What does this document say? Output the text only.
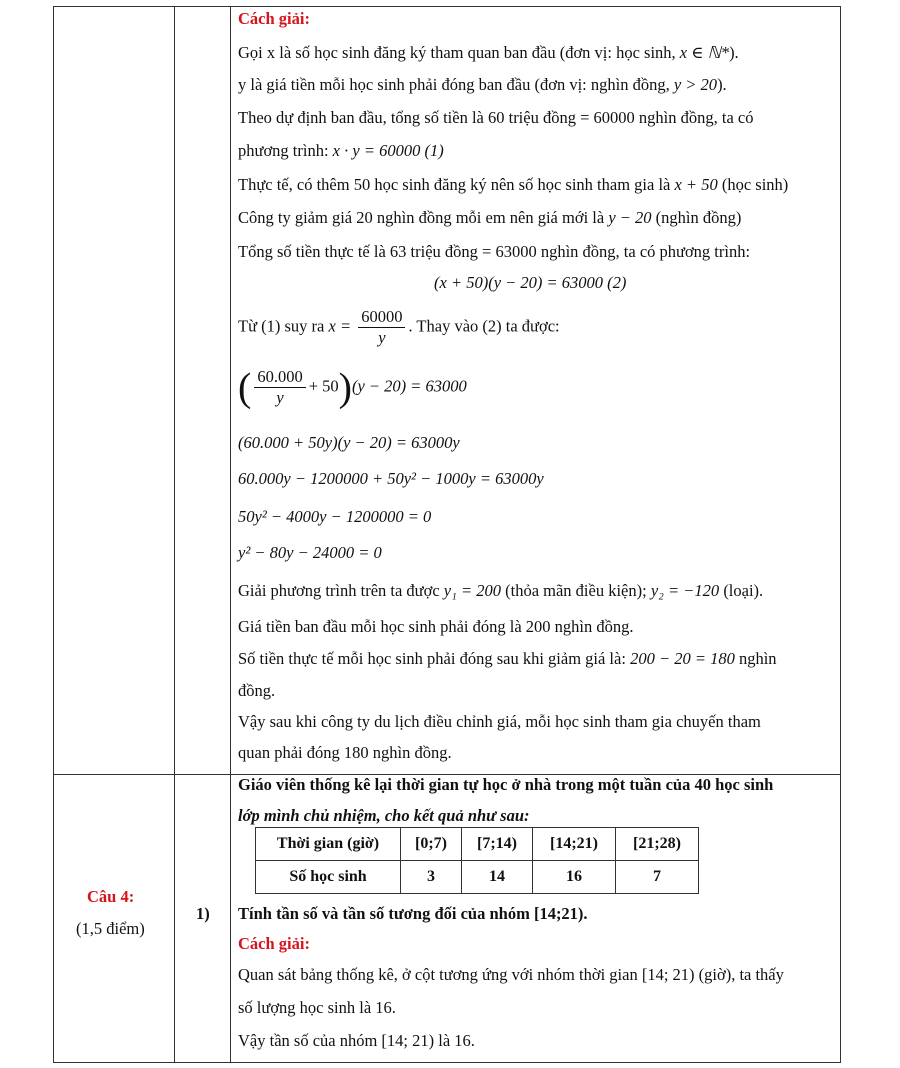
Cách giải:
Gọi x là số học sinh đăng ký tham quan ban đầu (đơn vị: học sinh, x ∈ ℕ*).
y là giá tiền mỗi học sinh phải đóng ban đầu (đơn vị: nghìn đồng, y > 20).
Theo dự định ban đầu, tổng số tiền là 60 triệu đồng = 60000 nghìn đồng, ta có
phương trình: x · y = 60000 (1)
Thực tế, có thêm 50 học sinh đăng ký nên số học sinh tham gia là x + 50 (học sinh)
Công ty giảm giá 20 nghìn đồng mỗi em nên giá mới là y − 20 (nghìn đồng)
Tổng số tiền thực tế là 63 triệu đồng = 63000 nghìn đồng, ta có phương trình:
(x + 50)(y − 20) = 63000 (2)
Từ (1) suy ra $x = \frac{60000}{y}$ . Thay vào (2) ta được:
( $\frac{60.000}{y} + 50)(y - 20) = 63000$
(60.000 + 50y)(y − 20) = 63000y
60.000y − 1200000 + 50y² − 1000y = 63000y
50y² − 4000y − 1200000 = 0
y² − 80y − 24000 = 0
Giải phương trình trên ta được y₁ = 200 (thỏa mãn điều kiện); y₂ = −120 (loại).
Giá tiền ban đầu mỗi học sinh phải đóng là 200 nghìn đồng.
Số tiền thực tế mỗi học sinh phải đóng sau khi giảm giá là: 200 − 20 = 180 nghìn
đồng.
Vậy sau khi công ty du lịch điều chỉnh giá, mỗi học sinh tham gia chuyến tham
quan phải đóng 180 nghìn đồng.
Câu 4:
(1,5 điểm)
1)
Giáo viên thống kê lại thời gian tự học ở nhà trong một tuần của 40 học sinh
lớp mình chủ nhiệm, cho kết quả như sau:
Tính tần số và tần số tương đối của nhóm [14;21).
Cách giải:
Quan sát bảng thống kê, ở cột tương ứng với nhóm thời gian [14; 21) (giờ), ta thấy
số lượng học sinh là 16.
Vậy tần số của nhóm [14; 21) là 16.
Thời gian (giờ)	[0;7)	[7;14)	[14;21)	[21;28)
Số học sinh	3	14	16	7
